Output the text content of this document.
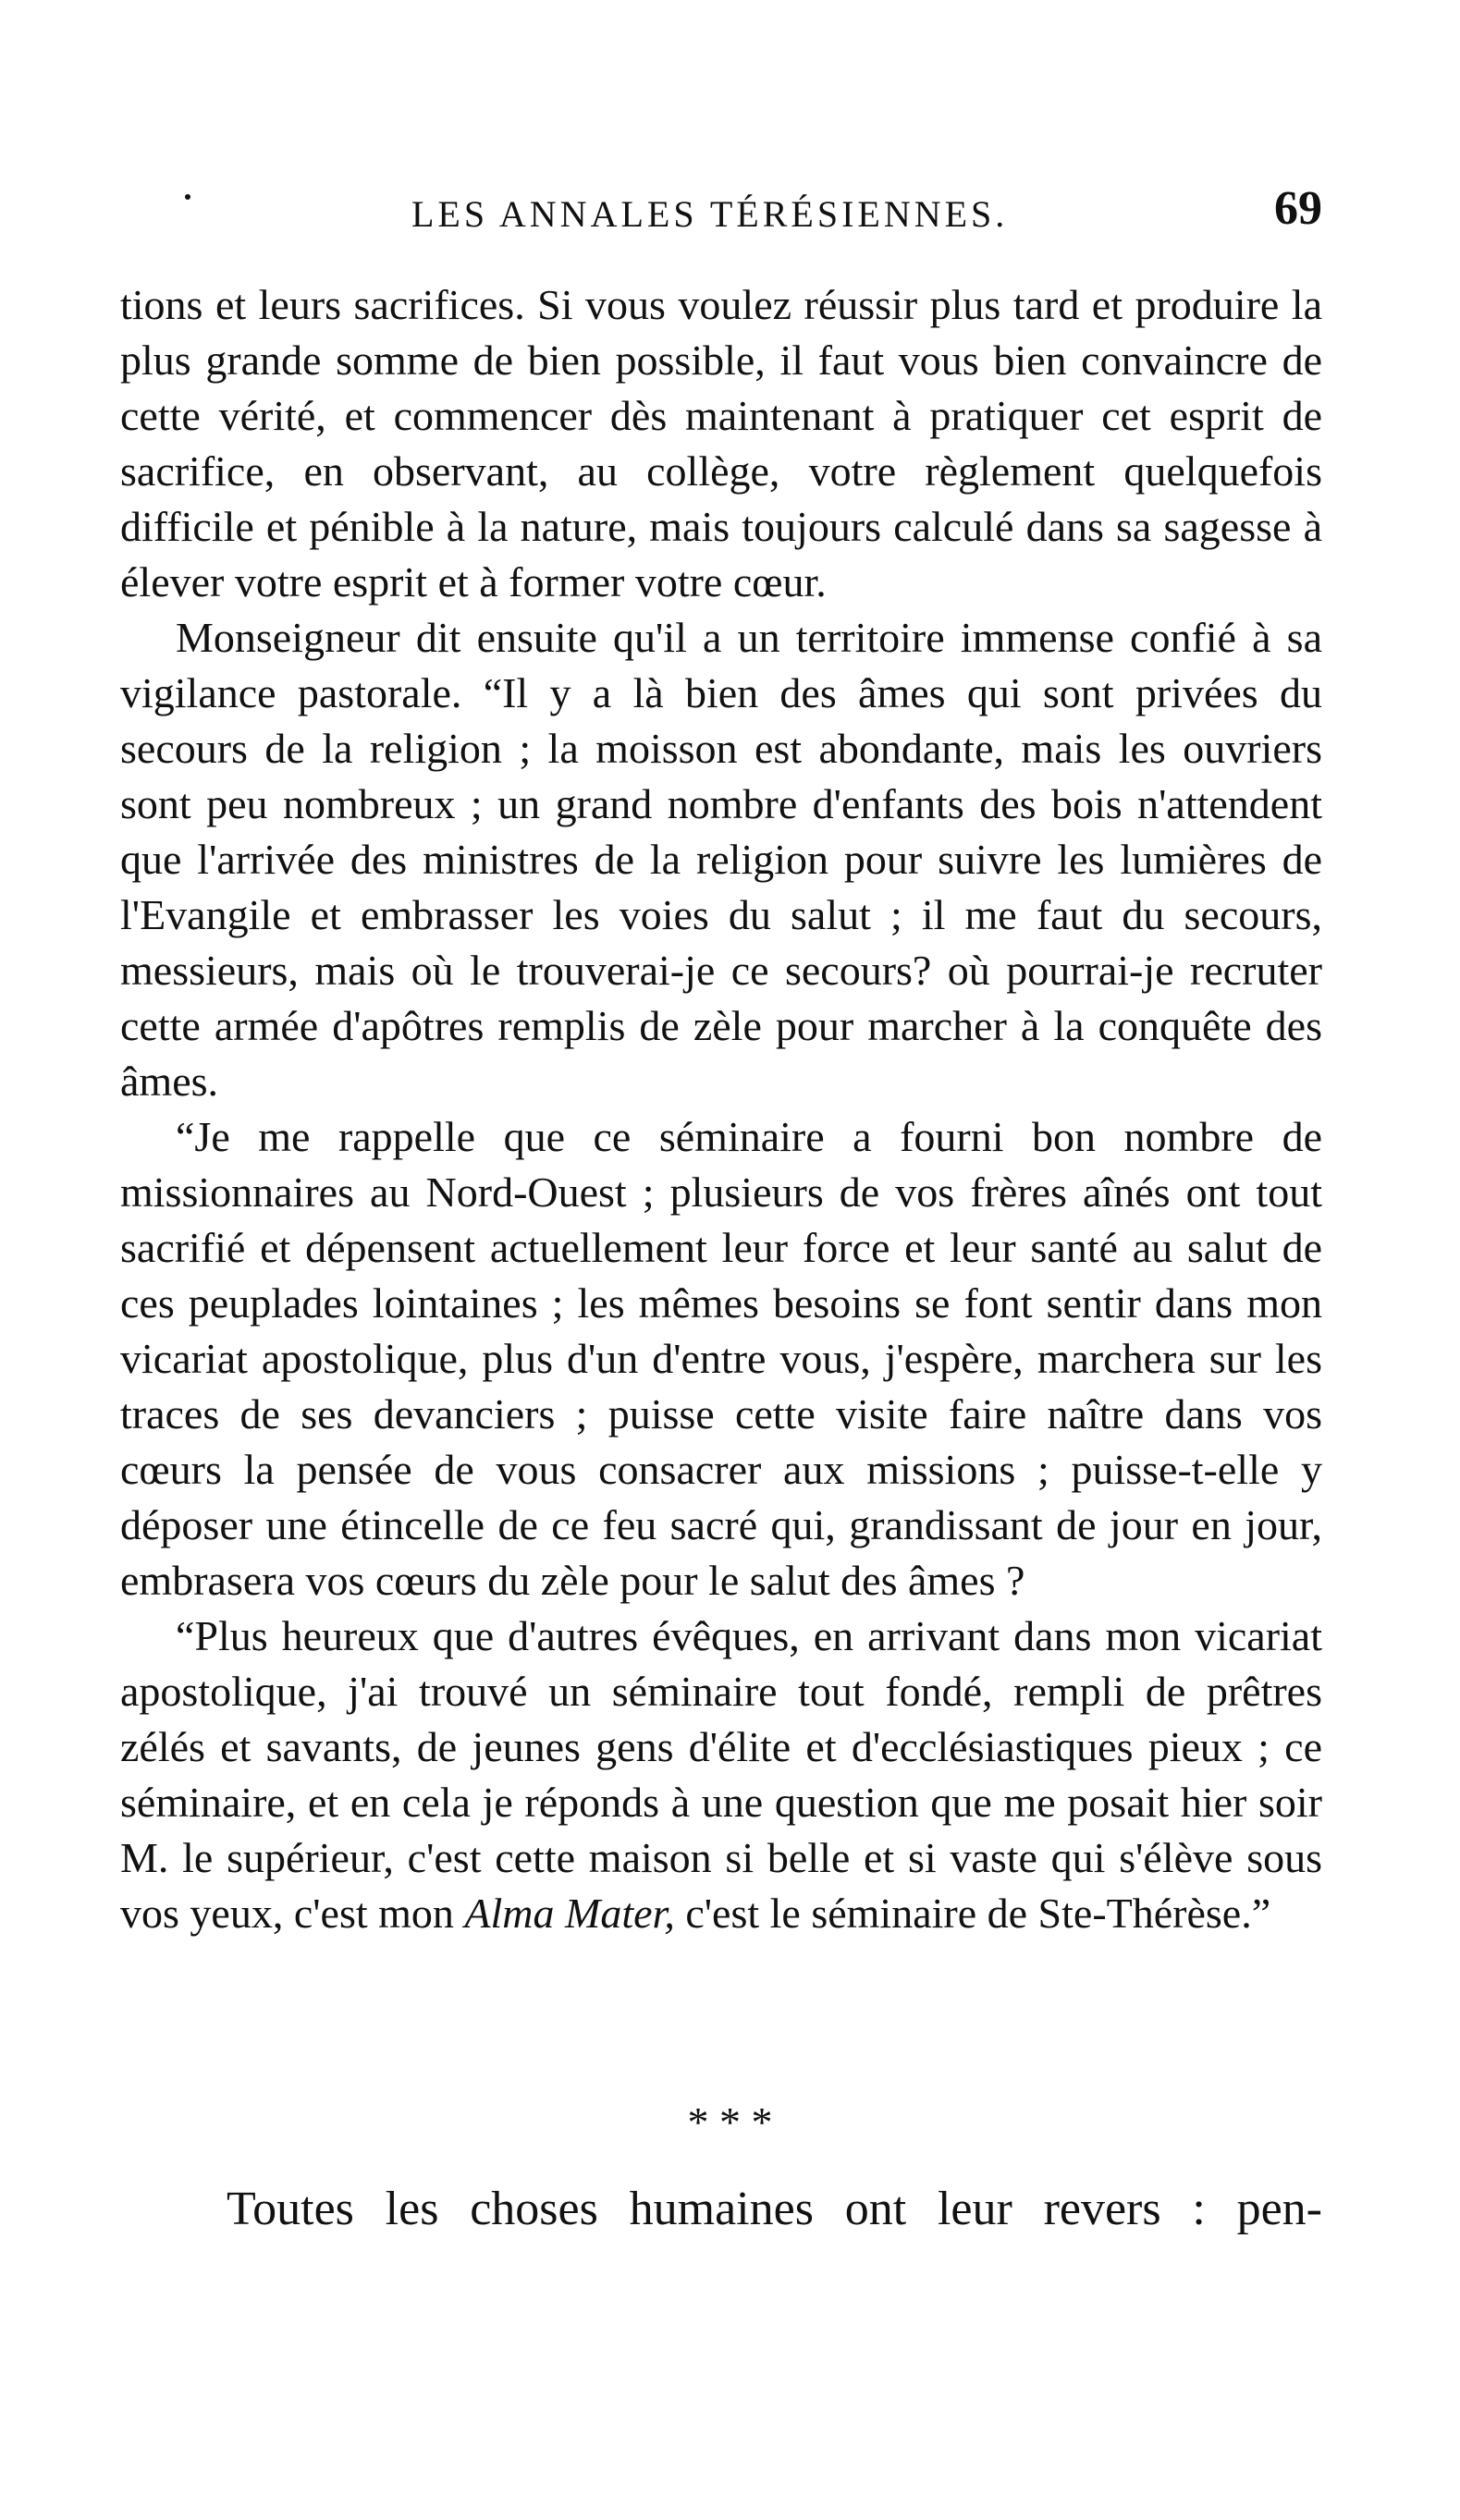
LES ANNALES TÉRÉSIENNES.	69

tions et leurs sacrifices. Si vous voulez réussir plus tard et produire la plus grande somme de bien possible, il faut vous bien convaincre de cette vérité, et commencer dès maintenant à pratiquer cet esprit de sacrifice, en observant, au collège, votre règlement quelquefois difficile et pénible à la nature, mais toujours calculé dans sa sagesse à élever votre esprit et à former votre cœur.

Monseigneur dit ensuite qu'il a un territoire immense confié à sa vigilance pastorale. “Il y a là bien des âmes qui sont privées du secours de la religion ; la moisson est abondante, mais les ouvriers sont peu nombreux ; un grand nombre d'enfants des bois n'attendent que l'arrivée des ministres de la religion pour suivre les lumières de l'Evangile et embrasser les voies du salut ; il me faut du secours, messieurs, mais où le trouverai-je ce secours? où pourrai-je recruter cette armée d'apôtres remplis de zèle pour marcher à la conquête des âmes.

“Je me rappelle que ce séminaire a fourni bon nombre de missionnaires au Nord-Ouest ; plusieurs de vos frères aînés ont tout sacrifié et dépensent actuellement leur force et leur santé au salut de ces peuplades lointaines ; les mêmes besoins se font sentir dans mon vicariat apostolique, plus d'un d'entre vous, j'espère, marchera sur les traces de ses devanciers ; puisse cette visite faire naître dans vos cœurs la pensée de vous consacrer aux missions ; puisse-t-elle y déposer une étincelle de ce feu sacré qui, grandissant de jour en jour, embrasera vos cœurs du zèle pour le salut des âmes ?

“Plus heureux que d'autres évêques, en arrivant dans mon vicariat apostolique, j'ai trouvé un séminaire tout fondé, rempli de prêtres zélés et savants, de jeunes gens d'élite et d'ecclésiastiques pieux ; ce séminaire, et en cela je réponds à une question que me posait hier soir M. le supérieur, c'est cette maison si belle et si vaste qui s'élève sous vos yeux, c'est mon Alma Mater, c'est le séminaire de Ste-Thérèse.”

* * *
Toutes les choses humaines ont leur revers : pen-
